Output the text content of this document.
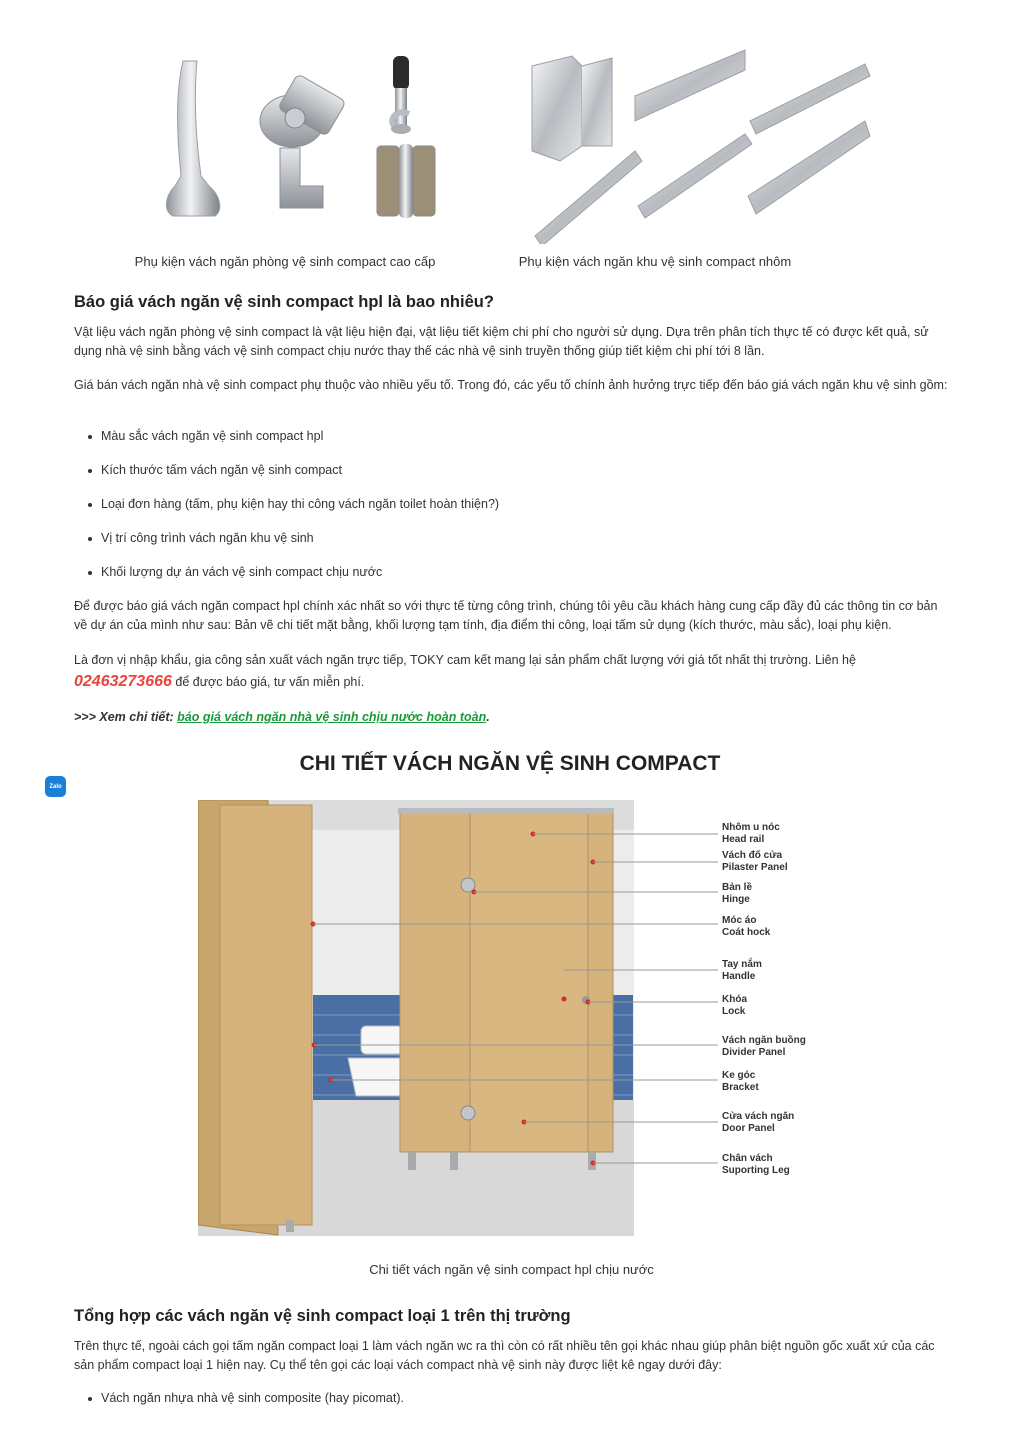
Phụ kiện vách ngăn phòng vệ sinh compact cao cấp	Phụ kiện vách ngăn khu vệ sinh compact nhôm
Báo giá vách ngăn vệ sinh compact hpl là bao nhiêu?

Vật liệu vách ngăn phòng vệ sinh compact là vật liệu hiện đại, vật liệu tiết kiệm chi phí cho người sử dụng. Dựa trên phân tích thực tế có được kết quả, sử dụng nhà vệ sinh bằng vách vệ sinh compact chịu nước thay thế các nhà vệ sinh truyền thống giúp tiết kiệm chi phí tới 8 lần.

Giá bán vách ngăn nhà vệ sinh compact phụ thuộc vào nhiều yếu tố. Trong đó, các yếu tố chính ảnh hưởng trực tiếp đến báo giá vách ngăn khu vệ sinh gồm:

Màu sắc vách ngăn vệ sinh compact hpl
Kích thước tấm vách ngăn vệ sinh compact
Loại đơn hàng (tấm, phụ kiện hay thi công vách ngăn toilet hoàn thiện?)
Vị trí công trình vách ngăn khu vệ sinh
Khối lượng dự án vách vệ sinh compact chịu nước

Để được báo giá vách ngăn compact hpl chính xác nhất so với thực tế từng công trình, chúng tôi yêu cầu khách hàng cung cấp đầy đủ các thông tin cơ bản về dự án của mình như sau: Bản vẽ chi tiết mặt bằng, khối lượng tạm tính, địa điểm thi công, loại tấm sử dụng (kích thước, màu sắc), loại phụ kiện.

Là đơn vị nhập khẩu, gia công sản xuất vách ngăn trực tiếp, TOKY cam kết mang lại sản phẩm chất lượng với giá tốt nhất thị trường. Liên hệ
02463273666 để được báo giá, tư vấn miễn phí.

>>> Xem chi tiết: báo giá vách ngăn nhà vệ sinh chịu nước hoàn toàn.

Zalo
CHI TIẾT VÁCH NGĂN VỆ SINH COMPACT
Nhôm u nóc
Head rail
Vách đố cửa
Pilaster Panel
Bản lề
Hinge
Móc áo
Coát hock
Tay nắm
Handle
Khóa
Lock
Vách ngăn buồng
Divider Panel
Ke góc
Bracket
Cửa vách ngăn
Door Panel
Chân vách
Suporting Leg
Chi tiết vách ngăn vệ sinh compact hpl chịu nước
Tổng hợp các vách ngăn vệ sinh compact loại 1 trên thị trường

Trên thực tế, ngoài cách gọi tấm ngăn compact loại 1 làm vách ngăn wc ra thì còn có rất nhiều tên gọi khác nhau giúp phân biệt nguồn gốc xuất xứ của các sản phẩm compact loại 1 hiện nay. Cụ thể tên gọi các loại vách compact nhà vệ sinh này được liệt kê ngay dưới đây:

Vách ngăn nhựa nhà vệ sinh composite (hay picomat).
